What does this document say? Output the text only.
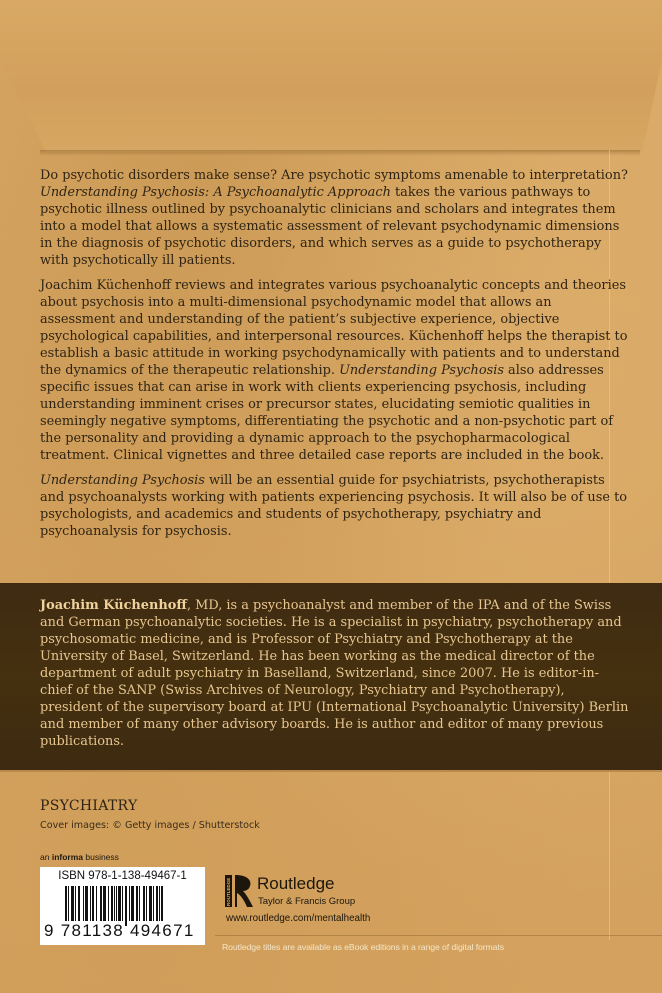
Do psychotic disorders make sense? Are psychotic symptoms amenable to interpretation? Understanding Psychosis: A Psychoanalytic Approach takes the various pathways to psychotic illness outlined by psychoanalytic clinicians and scholars and integrates them into a model that allows a systematic assessment of relevant psychodynamic dimensions in the diagnosis of psychotic disorders, and which serves as a guide to psychotherapy with psychotically ill patients.

Joachim Küchenhoff reviews and integrates various psychoanalytic concepts and theories about psychosis into a multi-dimensional psychodynamic model that allows an assessment and understanding of the patient’s subjective experience, objective psychological capabilities, and interpersonal resources. Küchenhoff helps the therapist to establish a basic attitude in working psychodynamically with patients and to understand the dynamics of the therapeutic relationship. Understanding Psychosis also addresses specific issues that can arise in work with clients experiencing psychosis, including understanding imminent crises or precursor states, elucidating semiotic qualities in seemingly negative symptoms, differentiating the psychotic and a non-psychotic part of the personality and providing a dynamic approach to the psychopharmacological treatment. Clinical vignettes and three detailed case reports are included in the book.

Understanding Psychosis will be an essential guide for psychiatrists, psychotherapists and psychoanalysts working with patients experiencing psychosis. It will also be of use to psychologists, and academics and students of psychotherapy, psychiatry and psychoanalysis for psychosis.

Joachim Küchenhoff, MD, is a psychoanalyst and member of the IPA and of the Swiss and German psychoanalytic societies. He is a specialist in psychiatry, psychotherapy and psychosomatic medicine, and is Professor of Psychiatry and Psychotherapy at the University of Basel, Switzerland. He has been working as the medical director of the department of adult psychiatry in Baselland, Switzerland, since 2007. He is editor-in-chief of the SANP (Swiss Archives of Neurology, Psychiatry and Psychotherapy), president of the supervisory board at IPU (International Psychoanalytic University) Berlin and member of many other advisory boards. He is author and editor of many previous publications.

PSYCHIATRY
Cover images: © Getty images / Shutterstock
an informa business
ISBN 978-1-138-49467-1
9 781138 494671
ROUTLEDGE Routledge
Taylor & Francis Group
www.routledge.com/mentalhealth
Routledge titles are available as eBook editions in a range of digital formats
